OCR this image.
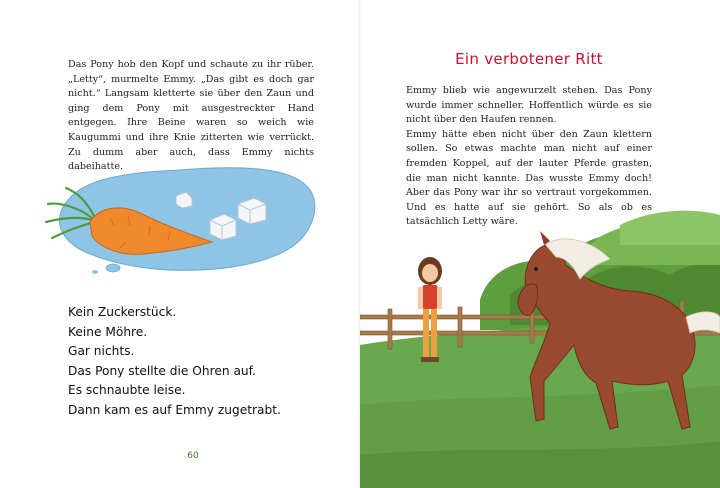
Das Pony hob den Kopf und schaute zu ihr rüber. „Letty“, murmelte Emmy. „Das gibt es doch gar nicht.“ Langsam kletterte sie über den Zaun und ging dem Pony mit ausgestreckter Hand entgegen. Ihre Beine waren so weich wie Kaugummi und ihre Knie zitterten wie verrückt. Zu dumm aber auch, dass Emmy nichts dabeihatte.

Kein Zuckerstück.
Keine Möhre.
Gar nichts.
Das Pony stellte die Ohren auf.
Es schnaubte leise.
Dann kam es auf Emmy zugetrabt.
60
Ein verbotener Ritt

Emmy blieb wie angewurzelt stehen. Das Pony wurde immer schneller. Hoffentlich würde es sie nicht über den Haufen rennen.

Emmy hätte eben nicht über den Zaun klettern sollen. So etwas machte man nicht auf einer fremden Koppel, auf der lauter Pferde grasten, die man nicht kannte. Das wusste Emmy doch! Aber das Pony war ihr so vertraut vorgekommen. Und es hatte auf sie gehört. So als ob es tatsächlich Letty wäre.
